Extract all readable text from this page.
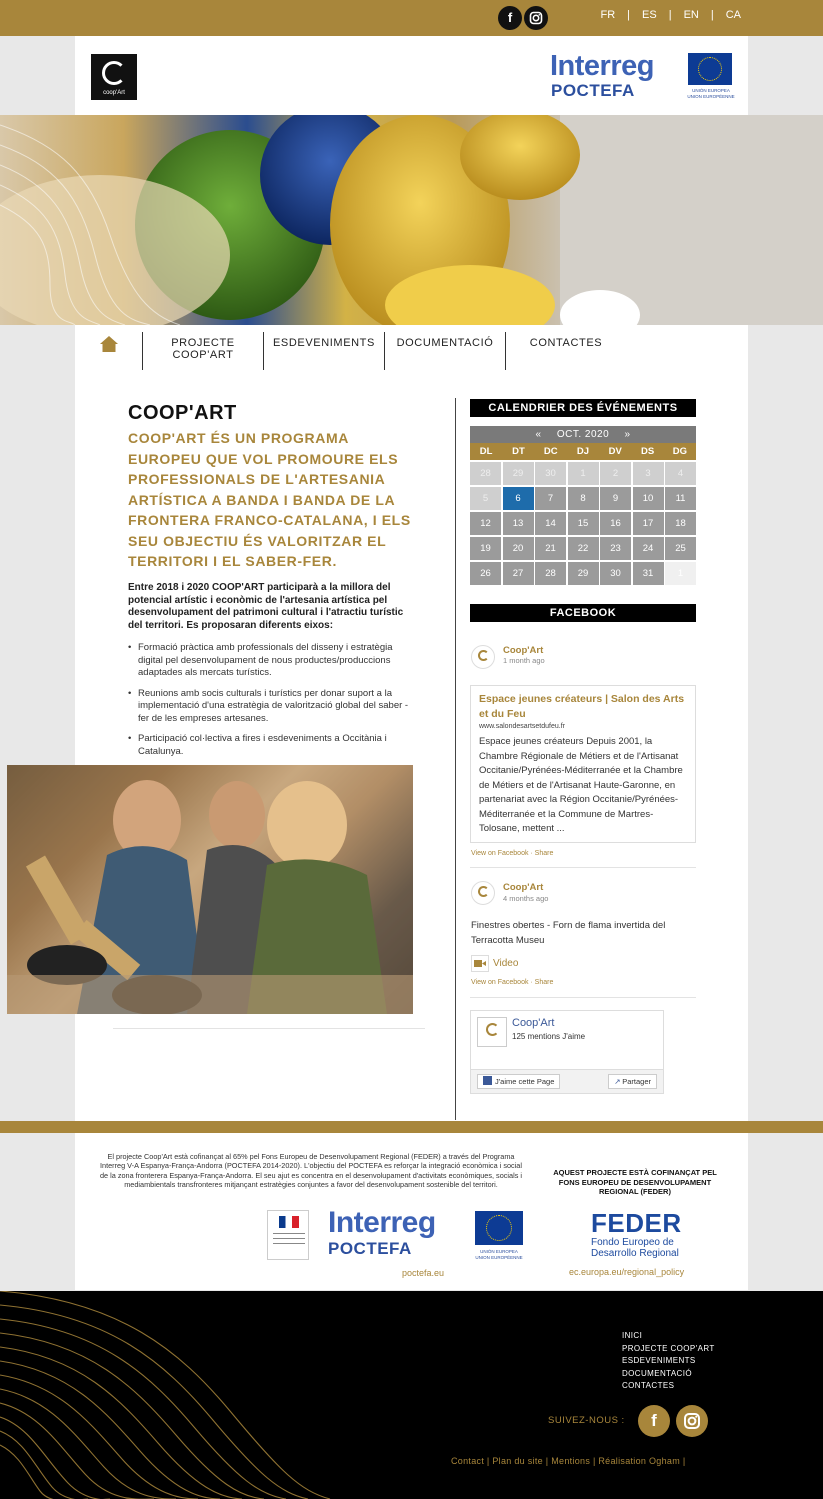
f	FR | ES | EN | CA
coop'Art
Interreg
POCTEFA	UNIÓN EUROPEA
UNION EUROPÉENNE
PROJECTE
COOP'ART
ESDEVENIMENTS DOCUMENTACIÓ	CONTACTES
COOP'ART

COOP'ART ÉS UN PROGRAMA EUROPEU QUE VOL PROMOURE ELS PROFESSIONALS DE L'ARTESANIA ARTÍSTICA A BANDA I BANDA DE LA FRONTERA FRANCO-CATALANA, I ELS SEU OBJECTIU ÉS VALORITZAR EL TERRITORI I EL SABER-FER.

Entre 2018 i 2020 COOP'ART participarà a la millora del potencial artístic i econòmic de l'artesania artística pel desenvolupament del patrimoni cultural i l'atractiu turístic del territori. Es proposaran diferents eixos:

• Formació pràctica amb professionals del disseny i estratègia digital pel desenvolupament de nous productes/produccions adaptades als mercats turístics.
• Reunions amb socis culturals i turístics per donar suport a la implementació d'una estratègia de valorització global del saber -fer de les empreses artesanes.
• Participació col·lectiva a fires i esdeveniments a Occitània i Catalunya.
CALENDRIER DES ÉVÉNEMENTS
« OCT. 2020 »
DL	DT	DC	DJ	DV	DS	DG
28	29	30	1	2	3	4
5	6	7	8	9	10	11
12	13	14	15	16	17	18
19	20	21	22	23	24	25
26	27	28	29	30	31	1
FACEBOOK
Coop'Art
1 month ago
Espace jeunes créateurs | Salon des Arts et du Feu
www.salondesartsetdufeu.fr
Espace jeunes créateurs Depuis 2001, la Chambre Régionale de Métiers et de l'Artisanat Occitanie/Pyrénées-Méditerranée et la Chambre de Métiers et de l'Artisanat Haute-Garonne, en partenariat avec la Région Occitanie/Pyrénées-Méditerranée et la Commune de Martres-Tolosane, mettent ...
View on Facebook · Share
Coop'Art
4 months ago
Finestres obertes - Forn de flama invertida del Terracotta Museu
Video
View on Facebook · Share
Coop'Art
125 mentions J'aime
J'aime cette Page	↗ Partager

El projecte Coop'Art està cofinançat al 65% pel Fons Europeu de Desenvolupament Regional (FEDER) a través del Programa Interreg V-A Espanya-França-Andorra (POCTEFA 2014-2020). L'objectiu del POCTEFA es reforçar la integració econòmica i social de la zona fronterera Espanya-França-Andorra. El seu ajut es concentra en el desenvolupament d'activitats econòmiques, socials i mediambientals transfronteres mitjançant estratègies conjuntes a favor del desenvolupament sostenible del territori.

AQUEST PROJECTE ESTÀ COFINANÇAT PEL FONS EUROPEU DE DESENVOLUPAMENT REGIONAL (FEDER)

Interreg
POCTEFA	UNIÓN EUROPEA
UNION EUROPÉENNE
poctefa.eu
FEDER
Fondo Europeo de
Desarrollo Regional
ec.europa.eu/regional_policy
INICI
PROJECTE COOP'ART
ESDEVENIMENTS
DOCUMENTACIÓ
CONTACTES
SUIVEZ-NOUS :	f
Contact | Plan du site | Mentions | Réalisation Ogham |
